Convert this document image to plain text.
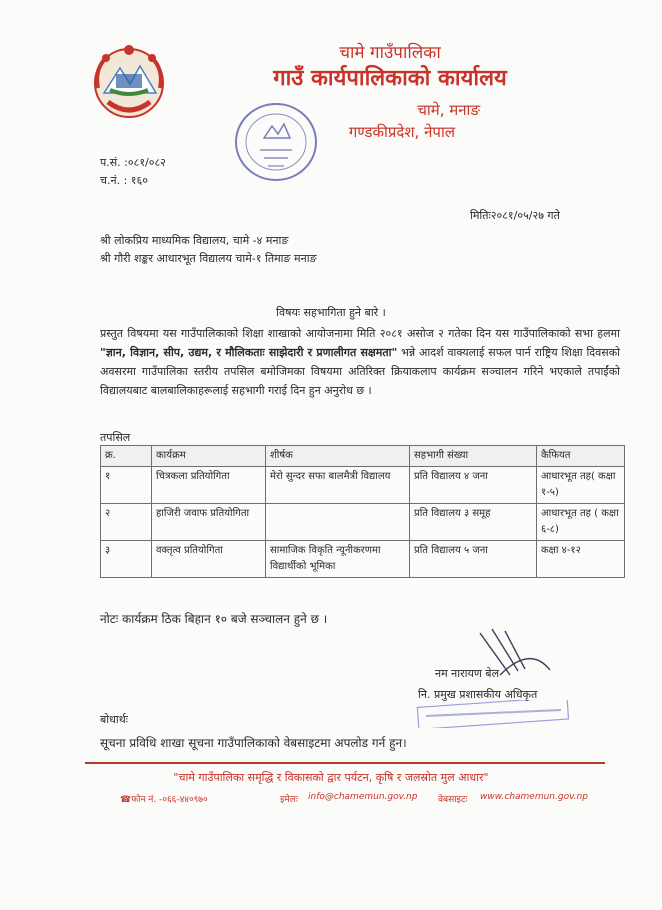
चामे गाउँपालिका
गाउँ कार्यपालिकाको कार्यालय
चामे, मनाङ
गण्डकीप्रदेश, नेपाल
प.सं. :०८१/०८२
च.नं. : १६०
मितिः२०८१/०५/२७ गते
श्री लोकप्रिय माध्यमिक विद्यालय, चामे -४ मनाङ
श्री गौरी शङ्कर आधारभूत विद्यालय चामे-१ तिमाङ मनाङ
विषयः सहभागिता हुने बारे ।
प्रस्तुत विषयमा यस गाउँपालिकाको शिक्षा शाखाको आयोजनामा मिति २०८१ असोज २ गतेका दिन यस गाउँपालिकाको सभा हलमा "ज्ञान, विज्ञान, सीप, उद्यम, र मौलिकताः साझेदारी र प्रणालीगत सक्षमता" भन्ने आदर्श वाक्यलाई सफल पार्न राष्ट्रिय शिक्षा दिवसको अवसरमा गाउँपालिका स्तरीय तपसिल बमोजिमका विषयमा अतिरिक्त क्रियाकलाप कार्यक्रम सञ्चालन गरिने भएकाले तपाईंको विद्यालयबाट बालबालिकाहरूलाई सहभागी गराई दिन हुन अनुरोध छ ।
तपसिल
क्र.	कार्यक्रम	शीर्षक	सहभागी संख्या	कैफियत
१	चित्रकला प्रतियोगिता	मेरो सुन्दर सफा बालमैत्री विद्यालय	प्रति विद्यालय ४ जना	आधारभूत तह( कक्षा १-५)
२	हाजिरी जवाफ प्रतियोगिता		प्रति विद्यालय ३ समूह	आधारभूत तह ( कक्षा ६-८)
३	वक्तृत्व प्रतियोगिता	सामाजिक विकृति न्यूनीकरणमा विद्यार्थीको भूमिका	प्रति विद्यालय ५ जना	कक्षा ४-१२
नोटः कार्यक्रम ठिक बिहान १० बजे सञ्चालन हुने छ ।
नम नारायण बेल
नि. प्रमुख प्रशासकीय अधिकृत
बोधार्थः
सूचना प्रविधि शाखा सूचना गाउँपालिकाको वेबसाइटमा अपलोड गर्न हुन।
"चामे गाउँपालिका समृद्धि र विकासको द्वार पर्यटन, कृषि र जलस्रोत मुल आधार"
☎फोन नं. -०६६-४४०९७०	इमेलः info@chamemun.gov.np वेबसाइटः www.chamemun.gov.np
